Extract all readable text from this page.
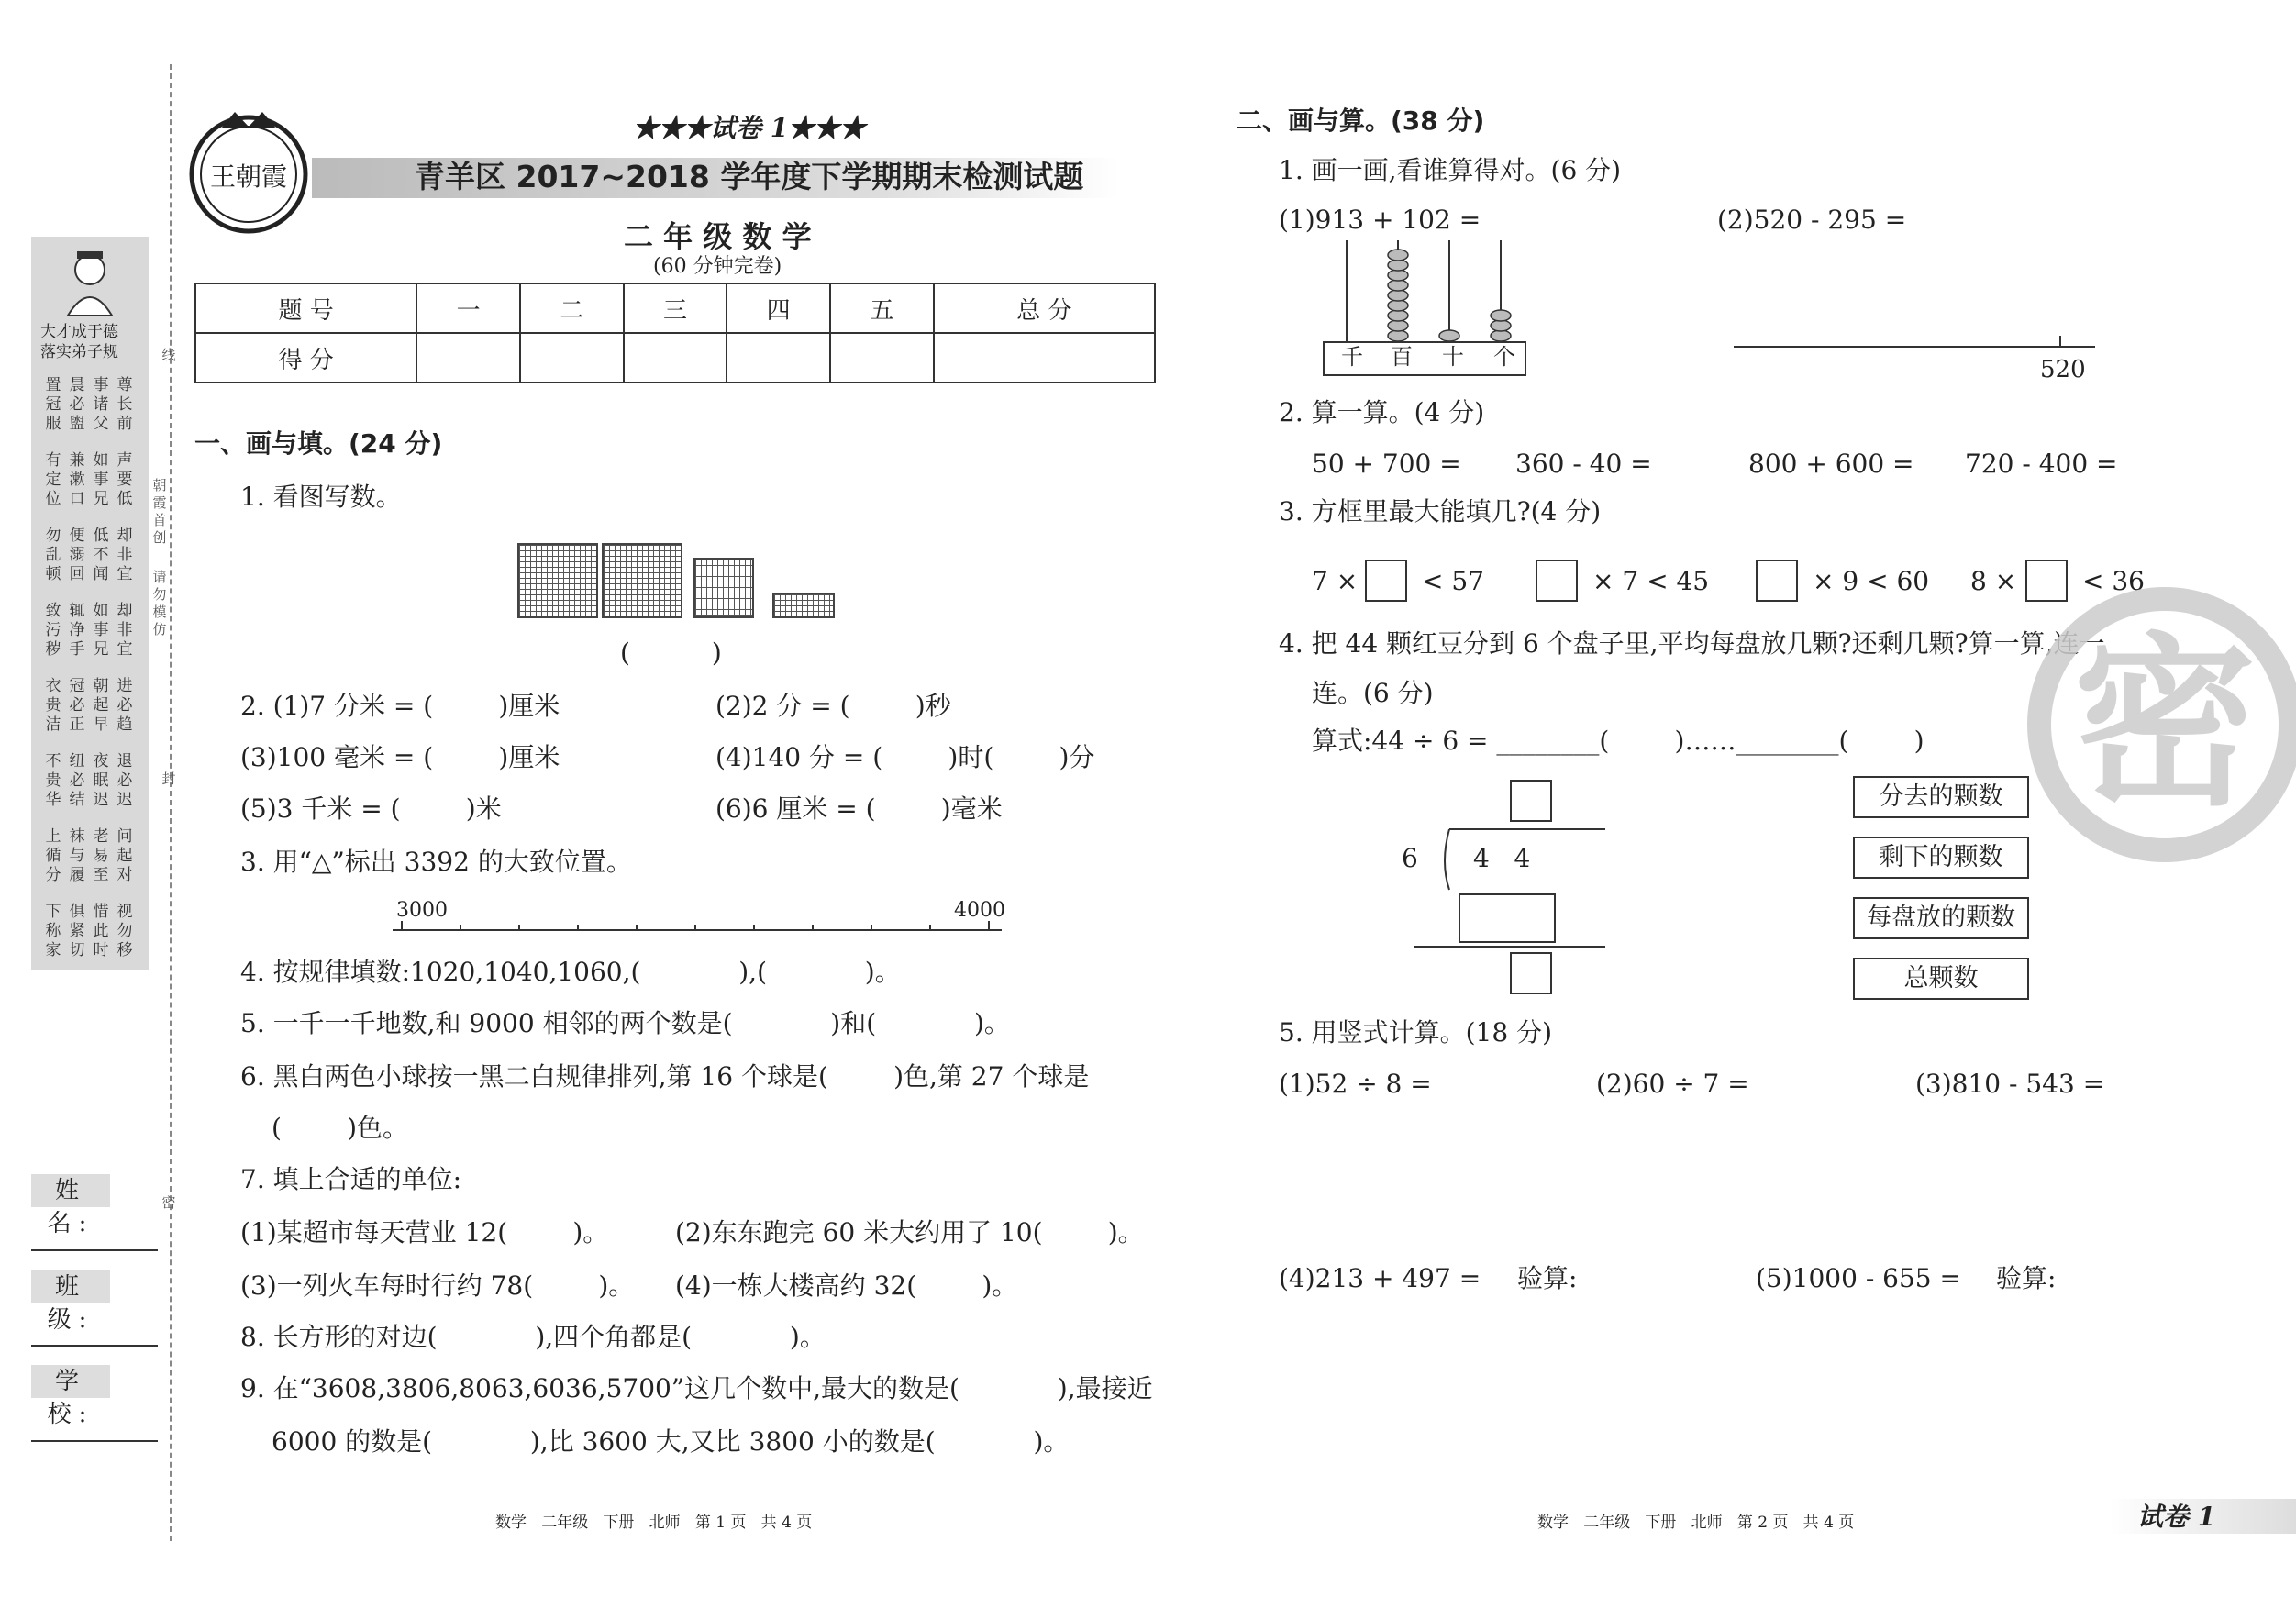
线
朝霞首创
请勿模仿
封
密
大才成于德
落实弟子规
置冠服
晨必盥
事诸父
尊长前
有定位
兼漱口
如事兄
声要低
勿乱顿
便溺回
低不闻
却非宜
致污秽
辄净手
如事兄
却非宜
衣贵洁
冠必正
朝起早
进必趋
不贵华
纽必结
夜眠迟
退必迟
上循分
袜与履
老易至
问起对
下称家
俱紧切
惜此时
视勿移
姓 名:
班 级:
学 校:
王朝霞
★★★试卷 1★★★
青羊区 2017~2018 学年度下学期期末检测试题
二 年 级 数 学
(60 分钟完卷)
题 号	一	二	三	四	五	总 分
得 分						
一、画与填。(24 分)
1. 看图写数。
(          )
2. (1)7 分米 = (        )厘米	(2)2 分 = (        )秒
(3)100 毫米 = (        )厘米	(4)140 分 = (        )时(        )分
(5)3 千米 = (        )米	(6)6 厘米 = (        )毫米
3. 用“△”标出 3392 的大致位置。
3000	4000
4. 按规律填数:1020,1040,1060,(            ),(            )。
5. 一千一千地数,和 9000 相邻的两个数是(            )和(            )。
6. 黑白两色小球按一黑二白规律排列,第 16 个球是(        )色,第 27 个球是
(        )色。
7. 填上合适的单位:
(1)某超市每天营业 12(        )。	(2)东东跑完 60 米大约用了 10(        )。
(3)一列火车每时行约 78(        )。 (4)一栋大楼高约 32(        )。
8. 长方形的对边(            ),四个角都是(            )。
9. 在“3608,3806,8063,6036,5700”这几个数中,最大的数是(            ),最接近
6000 的数是(            ),比 3600 大,又比 3800 小的数是(            )。
数学   二年级   下册   北师   第 1 页   共 4 页
二、画与算。(38 分)
1. 画一画,看谁算得对。(6 分)
(1)913 + 102 =	(2)520 - 295 =
千 百 十 个	520
2. 算一算。(4 分)
50 + 700 = 360 - 40 =	800 + 600 = 720 - 400 =
3. 方框里最大能填几?(4 分)
7 × < 57	× 7 < 45	× 9 < 60 8 ×	< 36
4. 把 44 颗红豆分到 6 个盘子里,平均每盘放几颗?还剩几颗?算一算,连一
连。(6 分)
算式:44 ÷ 6 = ________(        )……________(        )
6 4   4
分去的颗数
剩下的颗数
每盘放的颗数
总颗数
5. 用竖式计算。(18 分)
(1)52 ÷ 8 =	(2)60 ÷ 7 =	(3)810 - 543 =
(4)213 + 497 = 验算:	(5)1000 - 655 = 验算:
密
数学   二年级   下册   北师   第 2 页   共 4 页	试卷 1
